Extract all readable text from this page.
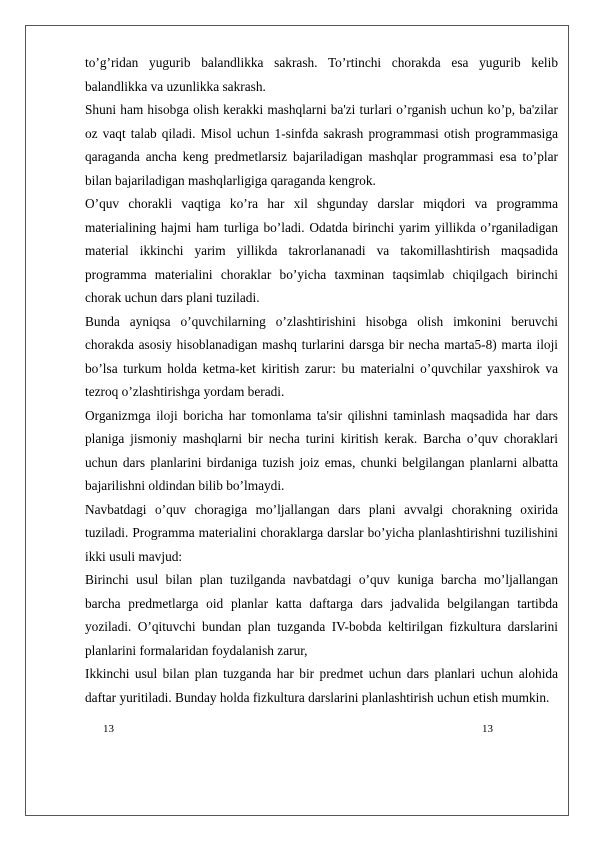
to’g’ridan yugurib balandlikka sakrash. To’rtinchi chorakda esa yugurib kelib balandlikka va uzunlikka sakrash.

Shuni ham hisobga olish kerakki mashqlarni ba'zi turlari o’rganish uchun ko’p, ba'zilar oz vaqt talab qiladi. Misol uchun 1-sinfda sakrash programmasi otish programmasiga qaraganda ancha keng predmetlarsiz bajariladigan mashqlar programmasi esa to’plar bilan bajariladigan mashqlarligiga qaraganda kengrok.

O’quv chorakli vaqtiga ko’ra har xil shgunday darslar miqdori va programma materialining hajmi ham turliga bo’ladi. Odatda birinchi yarim yillikda o’rganiladigan material ikkinchi yarim yillikda takrorlananadi va takomillashtirish maqsadida programma materialini choraklar bo’yicha taxminan taqsimlab chiqilgach birinchi chorak uchun dars plani tuziladi.

Bunda ayniqsa o’quvchilarning o’zlashtirishini hisobga olish imkonini beruvchi chorakda asosiy hisoblanadigan mashq turlarini darsga bir necha marta5-8) marta iloji bo’lsa turkum holda ketma-ket kiritish zarur: bu materialni o’quvchilar yaxshirok va tezroq o’zlashtirishga yordam beradi.

Organizmga iloji boricha har tomonlama ta'sir qilishni taminlash maqsadida har dars planiga jismoniy mashqlarni bir necha turini kiritish kerak. Barcha o’quv choraklari uchun dars planlarini birdaniga tuzish joiz emas, chunki belgilangan planlarni albatta bajarilishni oldindan bilib bo’lmaydi.

Navbatdagi o’quv choragiga mo’ljallangan dars plani avvalgi chorakning oxirida tuziladi. Programma materialini choraklarga darslar bo’yicha planlashtirishni tuzilishini ikki usuli mavjud:

Birinchi usul bilan plan tuzilganda navbatdagi o’quv kuniga barcha mo’ljallangan barcha predmetlarga oid planlar katta daftarga dars jadvalida belgilangan tartibda yoziladi. O’qituvchi bundan plan tuzganda IV-bobda keltirilgan fizkultura darslarini planlarini formalaridan foydalanish zarur,

Ikkinchi usul bilan plan tuzganda har bir predmet uchun dars planlari uchun alohida daftar yuritiladi. Bunday holda fizkultura darslarini planlashtirish uchun etish mumkin.

13	13
